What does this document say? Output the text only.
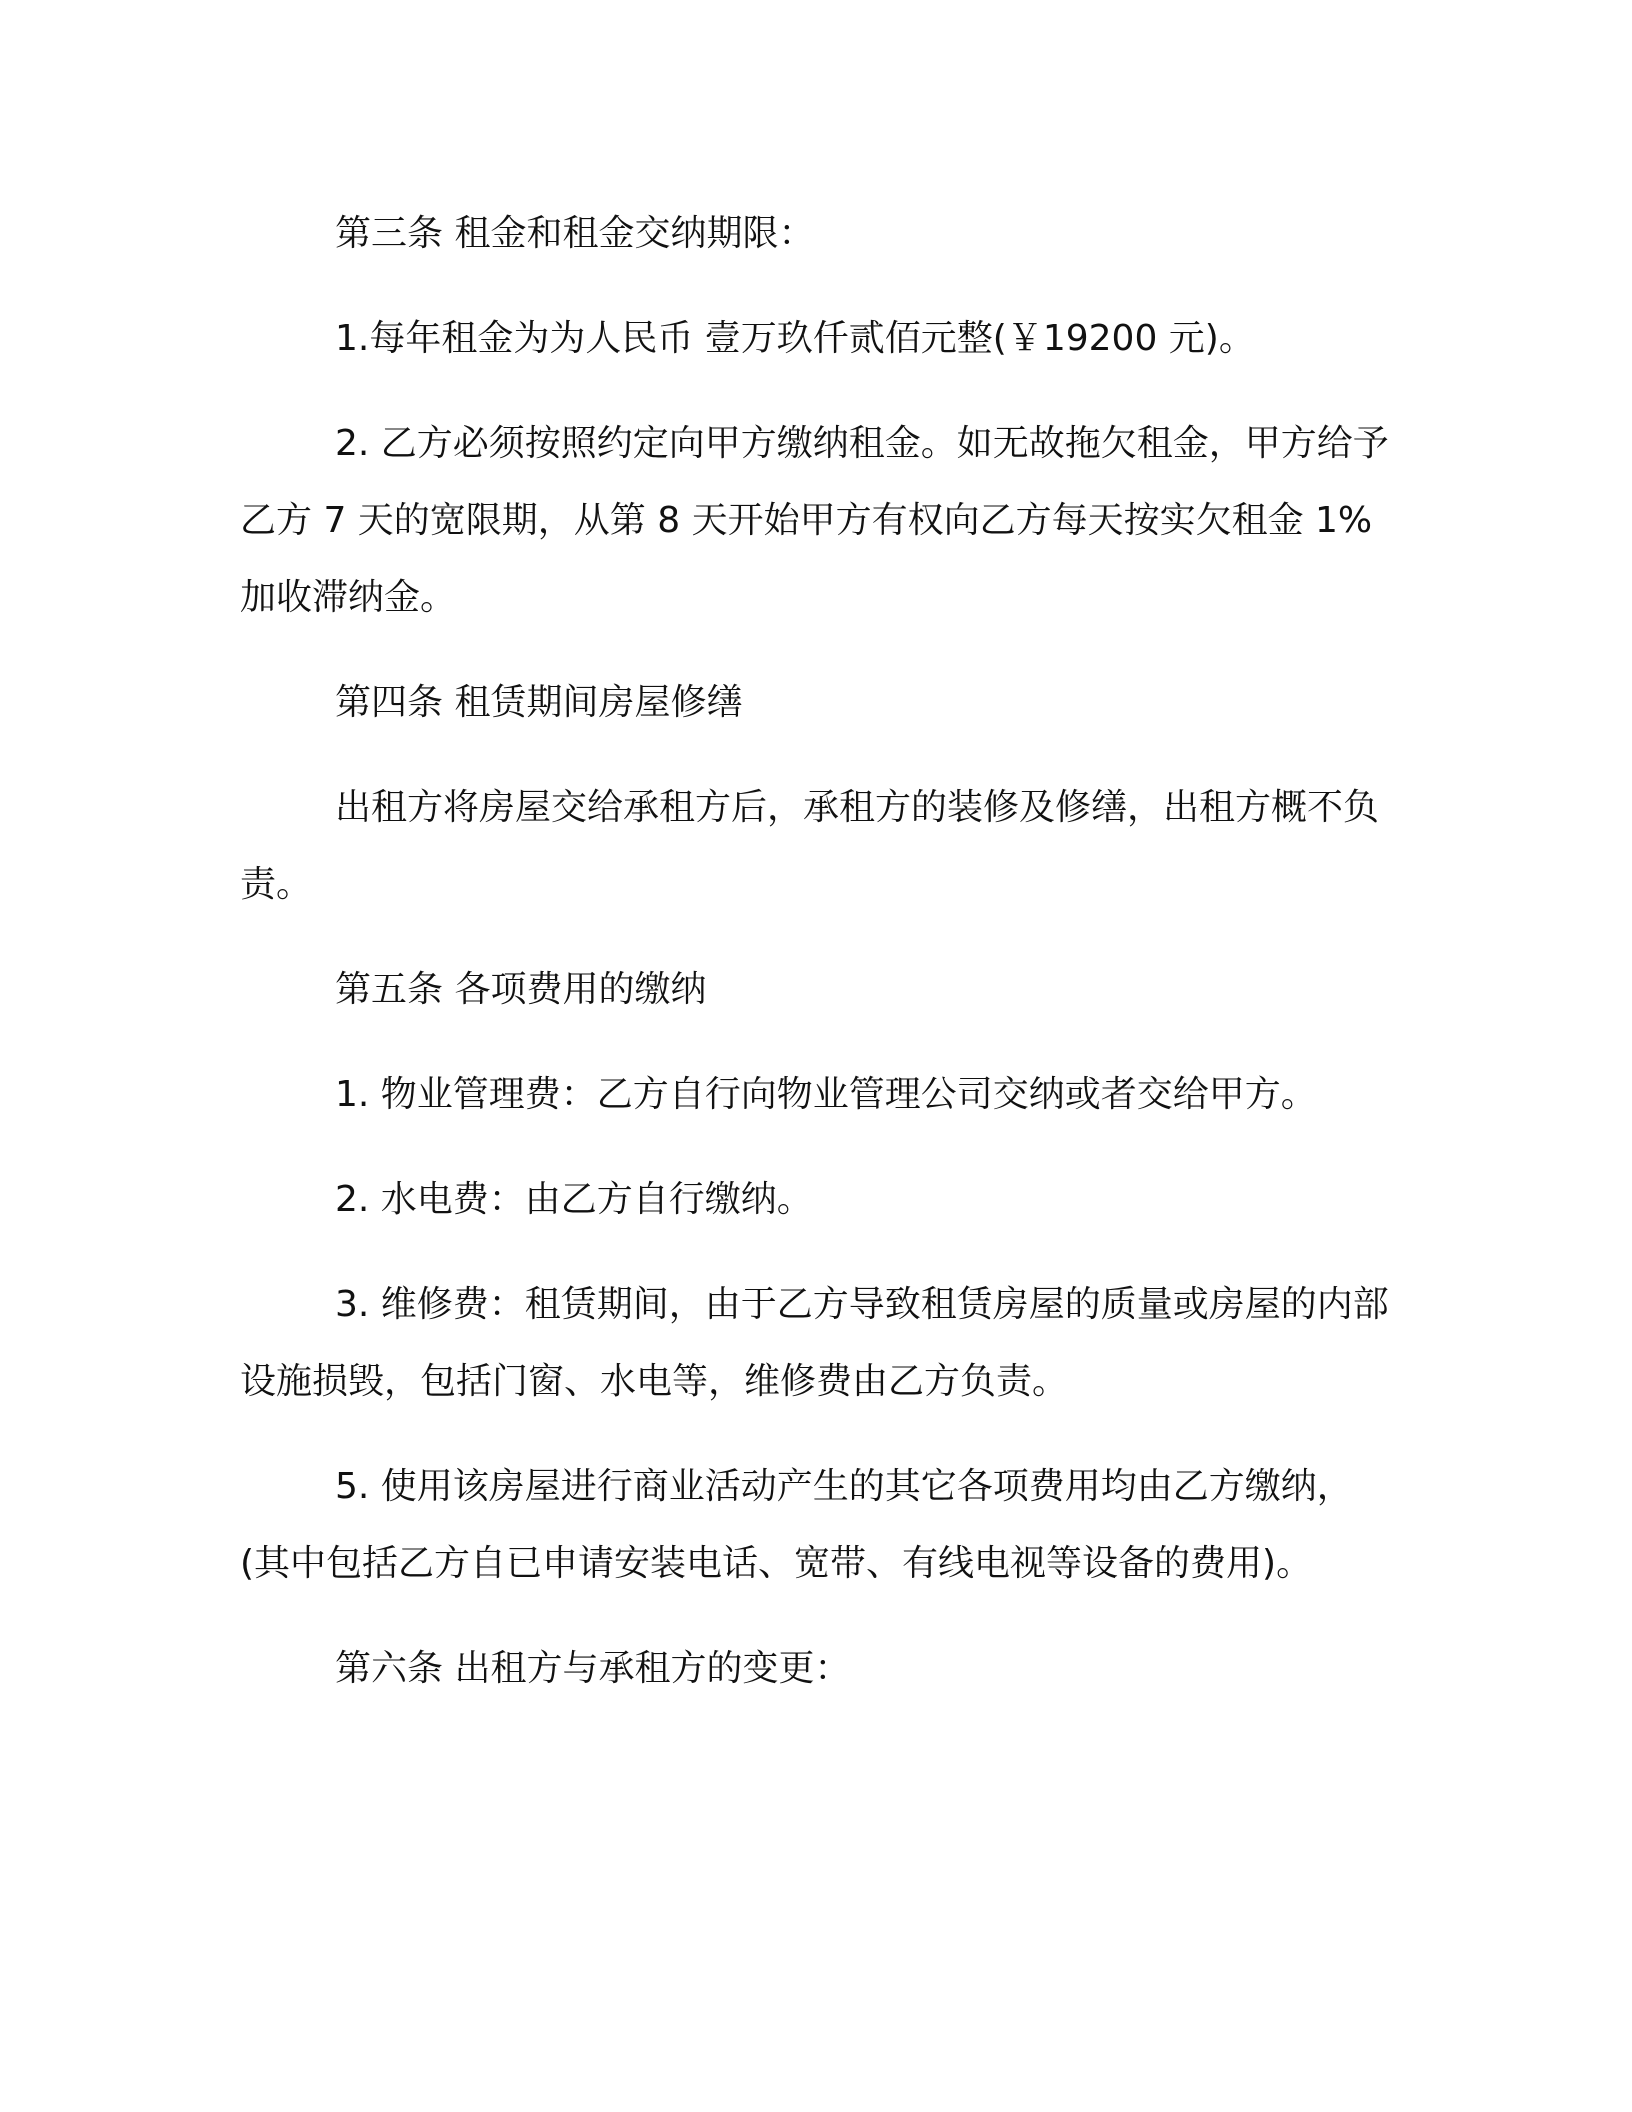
第三条 租金和租金交纳期限：

1.每年租金为为人民币 壹万玖仟贰佰元整(￥19200 元)。

2. 乙方必须按照约定向甲方缴纳租金。如无故拖欠租金，甲方给予乙方 7 天的宽限期，从第 8 天开始甲方有权向乙方每天按实欠租金 1%加收滞纳金。

第四条 租赁期间房屋修缮

出租方将房屋交给承租方后，承租方的装修及修缮，出租方概不负责。

第五条 各项费用的缴纳

1. 物业管理费：乙方自行向物业管理公司交纳或者交给甲方。

2. 水电费：由乙方自行缴纳。

3. 维修费：租赁期间，由于乙方导致租赁房屋的质量或房屋的内部设施损毁，包括门窗、水电等，维修费由乙方负责。

5. 使用该房屋进行商业活动产生的其它各项费用均由乙方缴纳，(其中包括乙方自已申请安装电话、宽带、有线电视等设备的费用)。

第六条 出租方与承租方的变更：
